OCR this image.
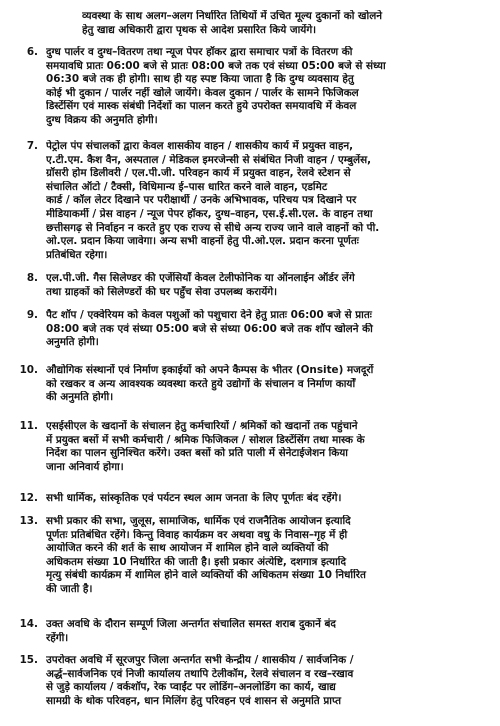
व्यवस्था के साथ अलग–अलग निर्धारित तिथियों में उचित मूल्य दुकानों को खोलने
हेतु खाद्य अधिकारी द्वारा पृथक से आदेश प्रसारित किये जायेंगे।
6. दुग्ध पार्लर व दुग्ध–वितरण तथा न्यूज पेपर हॉकर द्वारा समाचार पत्रों के वितरण की
समयावधि प्रातः 06:00 बजे से प्रातः 08:00 बजे तक एवं संध्या 05:00 बजे से संध्या
06:30 बजे तक ही होगी। साथ ही यह स्पष्ट किया जाता है कि दुग्ध व्यवसाय हेतु
कोई भी दुकान / पार्लर नहीं खोले जायेंगे। केवल दुकान / पार्लर के सामने फिजिकल
डिस्टेंसिंग एवं मास्क संबंधी निर्देशों का पालन करते हुये उपरोक्त समयावधि में केवल
दुग्ध विक्रय की अनुमति होगी।
7. पेट्रोल पंप संचालकों द्वारा केवल शासकीय वाहन / शासकीय कार्य में प्रयुक्त वाहन,
ए.टी.एम. कैश वैन, अस्पताल / मेडिकल इमरजेन्सी से संबंधित निजी वाहन / एम्बुलेंस,
ग्रॉसरी होम डिलीवरी / एल.पी.जी. परिवहन कार्य में प्रयुक्त वाहन, रेलवे स्टेशन से
संचालित ऑटो / टैक्सी, विधिमान्य ई–पास धारित करने वाले वाहन, एडमिट
कार्ड / कॉल लेटर दिखाने पर परीक्षार्थी / उनके अभिभावक, परिचय पत्र दिखाने पर
मीडियाकर्मी / प्रेस वाहन / न्यूज पेपर हॉकर, दुग्ध–वाहन, एस.ई.सी.एल. के वाहन तथा
छत्तीसगढ़ से निर्वाहन न करते हुए एक राज्य से सीधे अन्य राज्य जाने वाले वाहनों को पी.
ओ.एल. प्रदान किया जावेगा। अन्य सभी वाहनों हेतु पी.ओ.एल. प्रदान करना पूर्णतः
प्रतिबंधित रहेगा।
8. एल.पी.जी. गैस सिलेण्डर की एजेंसियाँ केवल टेलीफोनिक या ऑनलाईन ऑर्डर लेंगे
तथा ग्राहकों को सिलेण्डरों की घर पहुँच सेवा उपलब्ध करायेंगे।
9. पैट शॉप / एक्वेरियम को केवल पशुओं को पशुचारा देने हेतु प्रातः 06:00 बजे से प्रातः
08:00 बजे तक एवं संध्या 05:00 बजे से संध्या 06:00 बजे तक शॉप खोलने की
अनुमति होगी।
10. औद्योगिक संस्थानों एवं निर्माण इकाईयों को अपने कैम्पस के भीतर (Onsite) मजदूरों
को रखकर व अन्य आवश्यक व्यवस्था करते हुये उद्योगों के संचालन व निर्माण कार्यों
की अनुमति होगी।
11. एसईसीएल के खदानों के संचालन हेतु कर्मचारियों / श्रमिकों को खदानों तक पहुंचाने
में प्रयुक्त बसों में सभी कर्मचारी / श्रमिक फिजिकल / सोशल डिस्टेंसिंग तथा मास्क के
निर्देश का पालन सुनिश्चित करेंगे। उक्त बसों को प्रति पाली में सेनेटाईजेशन किया
जाना अनिवार्य होगा।
12. सभी धार्मिक, सांस्कृतिक एवं पर्यटन स्थल आम जनता के लिए पूर्णतः बंद रहेंगे।
13. सभी प्रकार की सभा, जुलूस, सामाजिक, धार्मिक एवं राजनैतिक आयोजन इत्यादि
पूर्णतः प्रतिबंधित रहेंगे। किन्तु विवाह कार्यक्रम वर अथवा वधु के निवास–गृह में ही
आयोजित करने की शर्त के साथ आयोजन में शामिल होने वाले व्यक्तियों की
अधिकतम संख्या 10 निर्धारित की जाती है। इसी प्रकार अंत्येष्टि, दशगात्र इत्यादि
मृत्यु संबंधी कार्यक्रम में शामिल होने वाले व्यक्तियों की अधिकतम संख्या 10 निर्धारित
की जाती है।
14. उक्त अवधि के दौरान सम्पूर्ण जिला अन्तर्गत संचालित समस्त शराब दुकानें बंद
रहेंगी।
15. उपरोक्त अवधि में सूरजपुर जिला अन्तर्गत सभी केन्द्रीय / शासकीय / सार्वजनिक /
अर्द्ध–सार्वजनिक एवं निजी कार्यालय तथापि टेलीकॉम, रेलवे संचालन व रख–रखाव
से जुड़े कार्यालय / वर्कशॉप, रेक प्वाईंट पर लोडिंग–अनलोडिंग का कार्य, खाद्य
सामग्री के थोक परिवहन, धान मिलिंग हेतु परिवहन एवं शासन से अनुमति प्राप्त
